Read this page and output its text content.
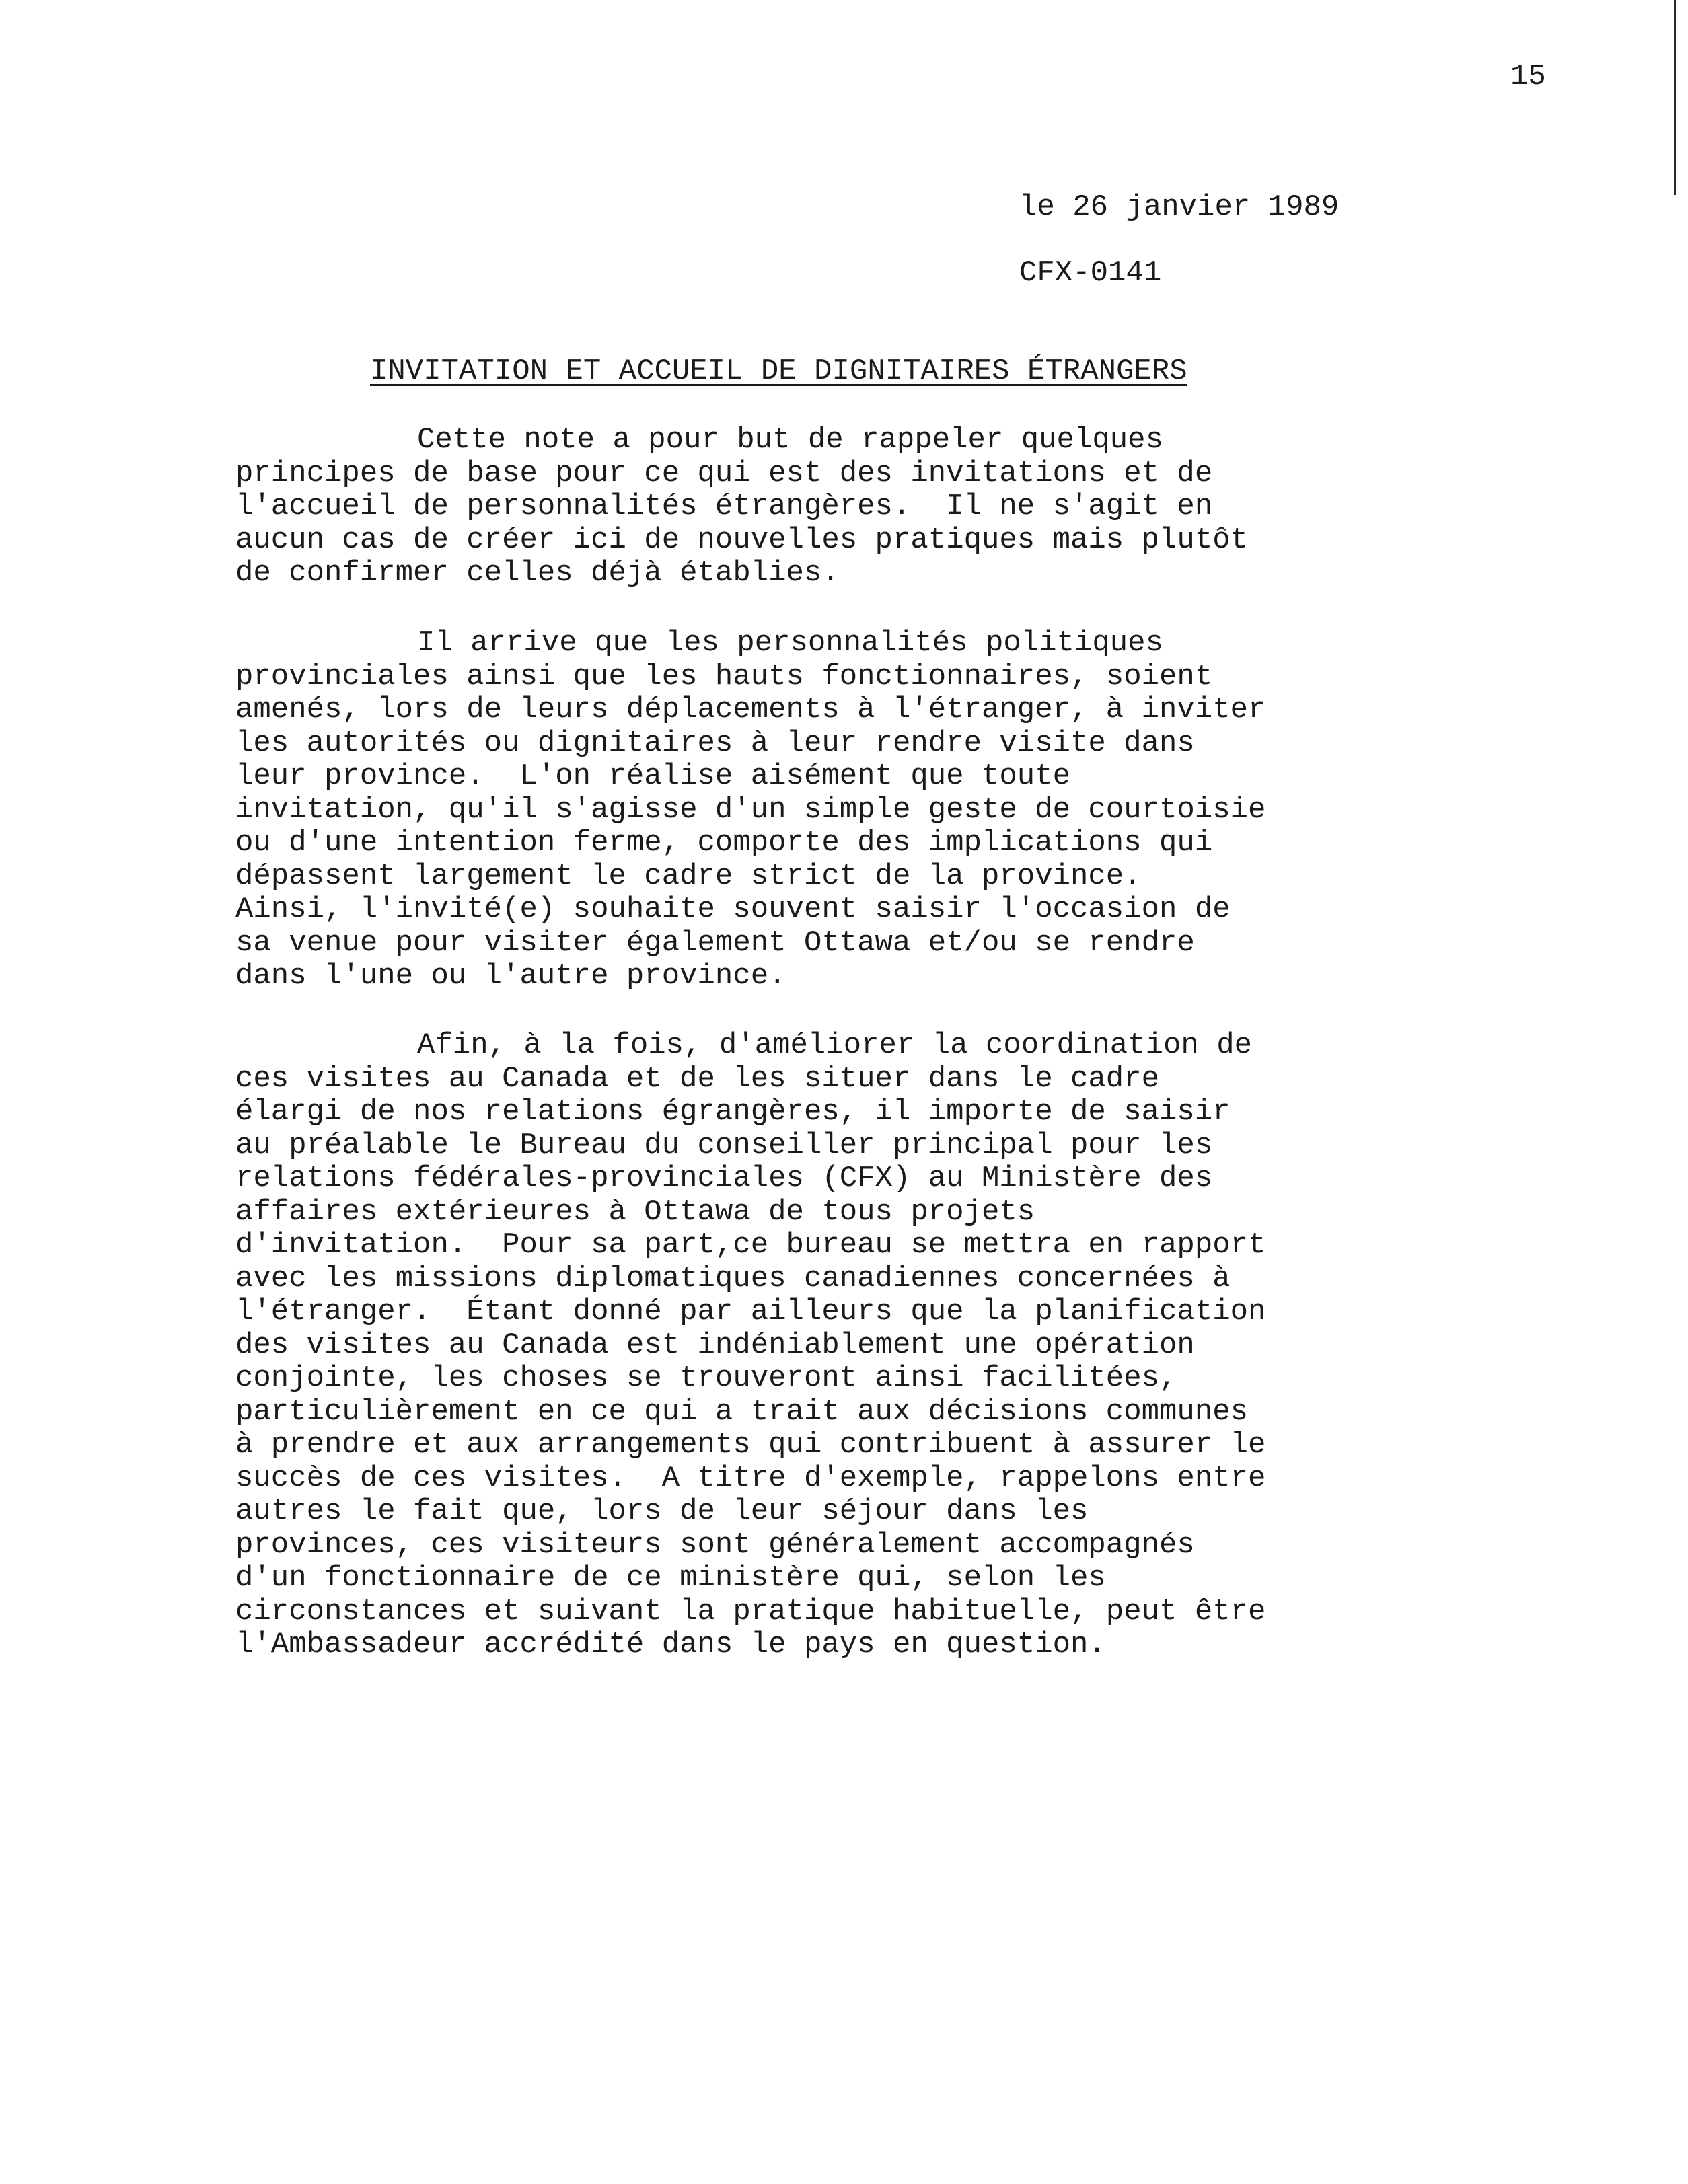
15
le 26 janvier 1989
CFX-0141
INVITATION ET ACCUEIL DE DIGNITAIRES ÉTRANGERS
Cette note a pour but de rappeler quelques
principes de base pour ce qui est des invitations et de
l'accueil de personnalités étrangères.  Il ne s'agit en
aucun cas de créer ici de nouvelles pratiques mais plutôt
de confirmer celles déjà établies.
Il arrive que les personnalités politiques
provinciales ainsi que les hauts fonctionnaires, soient
amenés, lors de leurs déplacements à l'étranger, à inviter
les autorités ou dignitaires à leur rendre visite dans
leur province.  L'on réalise aisément que toute
invitation, qu'il s'agisse d'un simple geste de courtoisie
ou d'une intention ferme, comporte des implications qui
dépassent largement le cadre strict de la province.
Ainsi, l'invité(e) souhaite souvent saisir l'occasion de
sa venue pour visiter également Ottawa et/ou se rendre
dans l'une ou l'autre province.
Afin, à la fois, d'améliorer la coordination de
ces visites au Canada et de les situer dans le cadre
élargi de nos relations égrangères, il importe de saisir
au préalable le Bureau du conseiller principal pour les
relations fédérales-provinciales (CFX) au Ministère des
affaires extérieures à Ottawa de tous projets
d'invitation.  Pour sa part,ce bureau se mettra en rapport
avec les missions diplomatiques canadiennes concernées à
l'étranger.  Étant donné par ailleurs que la planification
des visites au Canada est indéniablement une opération
conjointe, les choses se trouveront ainsi facilitées,
particulièrement en ce qui a trait aux décisions communes
à prendre et aux arrangements qui contribuent à assurer le
succès de ces visites.  A titre d'exemple, rappelons entre
autres le fait que, lors de leur séjour dans les
provinces, ces visiteurs sont généralement accompagnés
d'un fonctionnaire de ce ministère qui, selon les
circonstances et suivant la pratique habituelle, peut être
l'Ambassadeur accrédité dans le pays en question.
